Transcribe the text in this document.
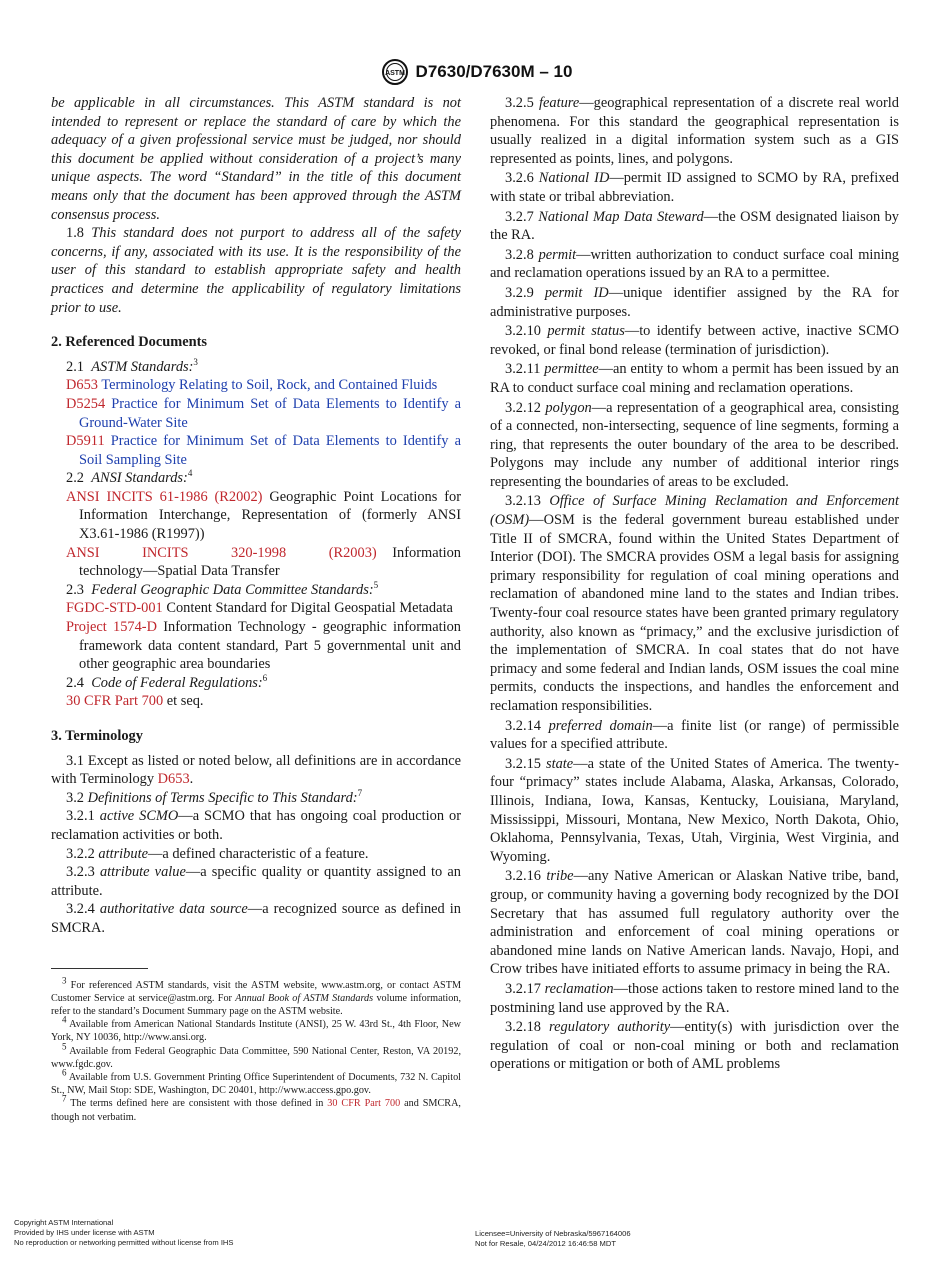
ASTM D7630/D7630M – 10

be applicable in all circumstances. This ASTM standard is not intended to represent or replace the standard of care by which the adequacy of a given professional service must be judged, nor should this document be applied without consideration of a project’s many unique aspects. The word “Standard” in the title of this document means only that the document has been approved through the ASTM consensus process.

1.8 This standard does not purport to address all of the safety concerns, if any, associated with its use. It is the responsibility of the user of this standard to establish appropriate safety and health practices and determine the applicability of regulatory limitations prior to use.

2. Referenced Documents
2.1 ASTM Standards:$^3$
D653 Terminology Relating to Soil, Rock, and Contained Fluids
D5254 Practice for Minimum Set of Data Elements to Identify a Ground-Water Site
D5911 Practice for Minimum Set of Data Elements to Identify a Soil Sampling Site
2.2 ANSI Standards:$^4$
ANSI INCITS 61-1986 (R2002) Geographic Point Locations for Information Interchange, Representation of (formerly ANSI X3.61-1986 (R1997))
ANSI INCITS 320-1998 (R2003) Information technology—Spatial Data Transfer
2.3 Federal Geographic Data Committee Standards:$^5$
FGDC-STD-001 Content Standard for Digital Geospatial Metadata
Project 1574-D Information Technology - geographic information framework data content standard, Part 5 governmental unit and other geographic area boundaries
2.4 Code of Federal Regulations:$^6$
30 CFR Part 700 et seq.
3. Terminology

3.1 Except as listed or noted below, all definitions are in accordance with Terminology D653.

3.2 Definitions of Terms Specific to This Standard:$^7$

3.2.1 active SCMO—a SCMO that has ongoing coal production or reclamation activities or both.

3.2.2 attribute—a defined characteristic of a feature.

3.2.3 attribute value—a specific quality or quantity assigned to an attribute.

3.2.4 authoritative data source—a recognized source as defined in SMCRA.

$^3$ For referenced ASTM standards, visit the ASTM website, www.astm.org, or contact ASTM Customer Service at service@astm.org. For Annual Book of ASTM Standards volume information, refer to the standard’s Document Summary page on the ASTM website.

$^4$ Available from American National Standards Institute (ANSI), 25 W. 43rd St., 4th Floor, New York, NY 10036, http://www.ansi.org.

$^5$ Available from Federal Geographic Data Committee, 590 National Center, Reston, VA 20192, www.fgdc.gov.

$^6$ Available from U.S. Government Printing Office Superintendent of Documents, 732 N. Capitol St., NW, Mail Stop: SDE, Washington, DC 20401, http://www.access.gpo.gov.

$^7$ The terms defined here are consistent with those defined in 30 CFR Part 700 and SMCRA, though not verbatim.

3.2.5 feature—geographical representation of a discrete real world phenomena. For this standard the geographical representation is usually realized in a digital information system such as a GIS represented as points, lines, and polygons.

3.2.6 National ID—permit ID assigned to SCMO by RA, prefixed with state or tribal abbreviation.

3.2.7 National Map Data Steward—the OSM designated liaison by the RA.

3.2.8 permit—written authorization to conduct surface coal mining and reclamation operations issued by an RA to a permittee.

3.2.9 permit ID—unique identifier assigned by the RA for administrative purposes.

3.2.10 permit status—to identify between active, inactive SCMO revoked, or final bond release (termination of jurisdiction).

3.2.11 permittee—an entity to whom a permit has been issued by an RA to conduct surface coal mining and reclamation operations.

3.2.12 polygon—a representation of a geographical area, consisting of a connected, non-intersecting, sequence of line segments, forming a ring, that represents the outer boundary of the area to be described. Polygons may include any number of additional interior rings representing the boundaries of areas to be excluded.

3.2.13 Office of Surface Mining Reclamation and Enforcement (OSM)—OSM is the federal government bureau established under Title II of SMCRA, found within the United States Department of Interior (DOI). The SMCRA provides OSM a legal basis for assigning primary responsibility for regulation of coal mining operations and reclamation of abandoned mine land to the states and Indian tribes. Twenty-four coal resource states have been granted primary regulatory authority, also known as “primacy,” and the exclusive jurisdiction of the implementation of SMCRA. In coal states that do not have primacy and some federal and Indian lands, OSM issues the coal mine permits, conducts the inspections, and handles the enforcement and reclamation responsibilities.

3.2.14 preferred domain—a finite list (or range) of permissible values for a specified attribute.

3.2.15 state—a state of the United States of America. The twenty-four “primacy” states include Alabama, Alaska, Arkansas, Colorado, Illinois, Indiana, Iowa, Kansas, Kentucky, Louisiana, Maryland, Mississippi, Missouri, Montana, New Mexico, North Dakota, Ohio, Oklahoma, Pennsylvania, Texas, Utah, Virginia, West Virginia, and Wyoming.

3.2.16 tribe—any Native American or Alaskan Native tribe, band, group, or community having a governing body recognized by the DOI Secretary that has assumed full regulatory authority over the administration and enforcement of coal mining operations or abandoned mine lands on Native American lands. Navajo, Hopi, and Crow tribes have initiated efforts to assume primacy in being the RA.

3.2.17 reclamation—those actions taken to restore mined land to the postmining land use approved by the RA.

3.2.18 regulatory authority—entity(s) with jurisdiction over the regulation of coal or non-coal mining or both and reclamation operations or mitigation or both of AML problems

Copyright ASTM International
Provided by IHS under license with ASTM
No reproduction or networking permitted without license from IHS
Licensee=University of Nebraska/5967164006
Not for Resale, 04/24/2012 16:46:58 MDT
